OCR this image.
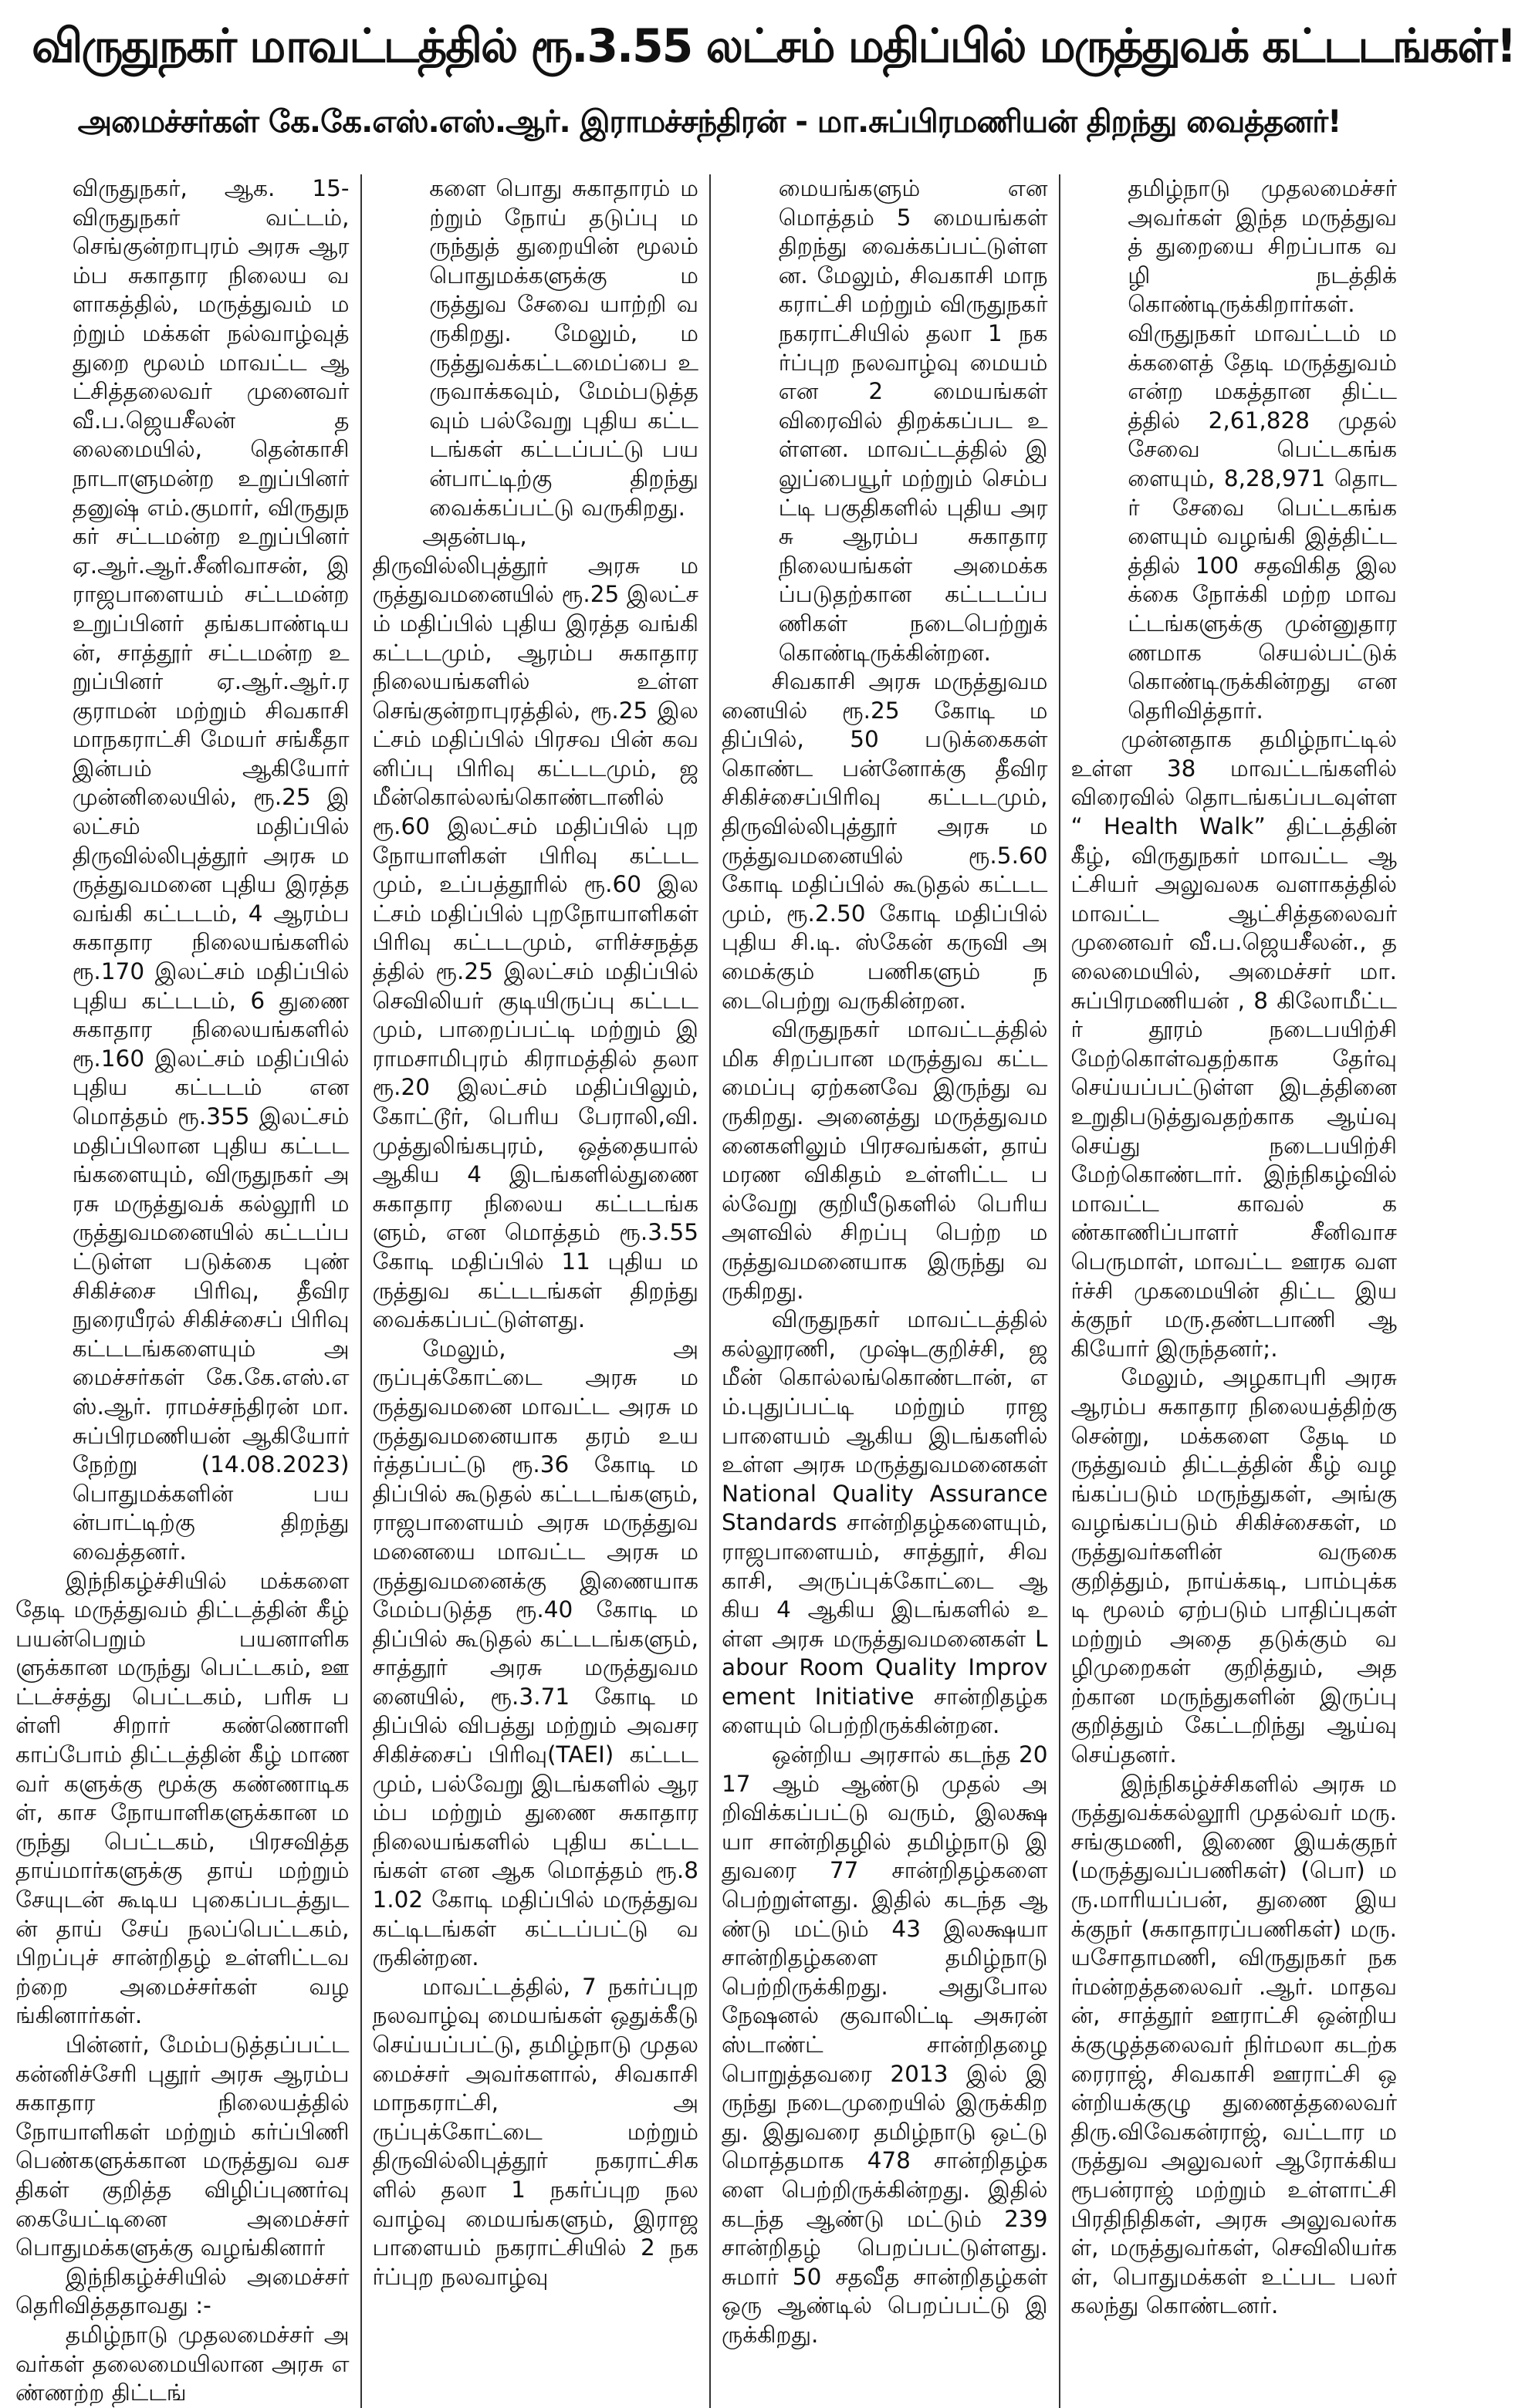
விருதுநகர் மாவட்டத்தில் ரூ.3.55 லட்சம் மதிப்பில் மருத்துவக் கட்டடங்கள்!
அமைச்சர்கள் கே.கே.எஸ்.எஸ்.ஆர். இராமச்சந்திரன் - மா.சுப்பிரமணியன் திறந்து வைத்தனர்!

விருதுநகர், ஆக. 15- விருதுநகர் வட்டம், செங்குன்றாபுரம் அரசு ஆரம்ப சுகாதார நிலைய வளாகத்தில், மருத்துவம் மற்றும் மக்கள் நல்வாழ்வுத் துறை மூலம் மாவட்ட ஆட்சித்தலைவர் முனைவர் வீ.ப.ஜெயசீலன் தலைமையில், தென்காசி நாடாளுமன்ற உறுப்பினர் தனுஷ் எம்.குமார், விருதுநகர் சட்டமன்ற உறுப்பினர் ஏ.ஆர்.ஆர்.சீனிவாசன், இராஜபாளையம் சட்டமன்ற உறுப்பினர் தங்கபாண்டியன், சாத்தூர் சட்டமன்ற உறுப்பினர் ஏ.ஆர்.ஆர்.ரகுராமன் மற்றும் சிவகாசி மாநகராட்சி மேயர் சங்கீதா இன்பம் ஆகியோர் முன்னிலையில், ரூ.25 இலட்சம் மதிப்பில் திருவில்லிபுத்தூர் அரசு மருத்துவமனை புதிய இரத்த வங்கி கட்டடம், 4 ஆரம்ப சுகாதார நிலையங்களில் ரூ.170 இலட்சம் மதிப்பில் புதிய கட்டடம், 6 துணை சுகாதார நிலையங்களில் ரூ.160 இலட்சம் மதிப்பில் புதிய கட்டடம் என மொத்தம் ரூ.355 இலட்சம் மதிப்பிலான புதிய கட்டடங்களையும், விருதுநகர் அரசு மருத்துவக் கல்லூரி மருத்துவமனையில் கட்டப்பட்டுள்ள படுக்கை புண் சிகிச்சை பிரிவு, தீவிர நுரையீரல் சிகிச்சைப் பிரிவு கட்டடங்களையும் அமைச்சர்கள் கே.கே.எஸ்.எஸ்.ஆர். ராமச்சந்திரன் மா.சுப்பிரமணியன் ஆகியோர் நேற்று (14.08.2023) பொதுமக்களின் பயன்பாட்டிற்கு திறந்து வைத்தனர்.

இந்நிகழ்ச்சியில் மக்களை தேடி மருத்துவம் திட்டத்தின் கீழ் பயன்பெறும் பயனாளிகளுக்கான மருந்து பெட்டகம், ஊட்டச்சத்து பெட்டகம், பரிசு பள்ளி சிறார் கண்ணொளி காப்போம் திட்டத்தின் கீழ் மாணவர் களுக்கு மூக்கு கண்ணாடிகள், காச நோயாளிகளுக்கான மருந்து பெட்டகம், பிரசவித்த தாய்மார்களுக்கு தாய் மற்றும் சேயுடன் கூடிய புகைப்படத்துடன் தாய் சேய் நலப்பெட்டகம், பிறப்புச் சான்றிதழ் உள்ளிட்டவற்றை அமைச்சர்கள் வழங்கினார்கள்.

பின்னர், மேம்படுத்தப்பட்ட கன்னிச்சேரி புதூர் அரசு ஆரம்ப சுகாதார நிலையத்தில் நோயாளிகள் மற்றும் கர்ப்பிணி பெண்களுக்கான மருத்துவ வசதிகள் குறித்த விழிப்புணர்வு கையேட்டினை அமைச்சர் பொதுமக்களுக்கு வழங்கினார்

இந்நிகழ்ச்சியில் அமைச்சர் தெரிவித்ததாவது :-

தமிழ்நாடு முதலமைச்சர் அவர்கள் தலைமையிலான அரசு எண்ணற்ற திட்டங்

களை பொது சுகாதாரம் மற்றும் நோய் தடுப்பு மருந்துத் துறையின் மூலம் பொதுமக்களுக்கு மருத்துவ சேவை யாற்றி வருகிறது. மேலும், மருத்துவக்கட்டமைப்பை உருவாக்கவும், மேம்படுத்தவும் பல்வேறு புதிய கட்டடங்கள் கட்டப்பட்டு பயன்பாட்டிற்கு திறந்து வைக்கப்பட்டு வருகிறது.

அதன்படி, திருவில்லிபுத்தூர் அரசு மருத்துவமனையில் ரூ.25 இலட்சம் மதிப்பில் புதிய இரத்த வங்கி கட்டடமும், ஆரம்ப சுகாதார நிலையங்களில் உள்ள செங்குன்றாபுரத்தில், ரூ.25 இலட்சம் மதிப்பில் பிரசவ பின் கவனிப்பு பிரிவு கட்டடமும், ஜமீன்கொல்லங்கொண்டானில் ரூ.60 இலட்சம் மதிப்பில் புறநோயாளிகள் பிரிவு கட்டடமும், உப்பத்தூரில் ரூ.60 இலட்சம் மதிப்பில் புறநோயாளிகள் பிரிவு கட்டடமும், எரிச்சநத்தத்தில் ரூ.25 இலட்சம் மதிப்பில் செவிலியர் குடியிருப்பு கட்டடமும், பாறைப்பட்டி மற்றும் இராமசாமிபுரம் கிராமத்தில் தலா ரூ.20 இலட்சம் மதிப்பிலும், கோட்டூர், பெரிய பேராலி,வி.முத்துலிங்கபுரம், ஒத்தையால் ஆகிய 4 இடங்களில்துணை சுகாதார நிலைய கட்டடங்களும், என மொத்தம் ரூ.3.55 கோடி மதிப்பில் 11 புதிய மருத்துவ கட்டடங்கள் திறந்து வைக்கப்பட்டுள்ளது.

மேலும், அருப்புக்கோட்டை அரசு மருத்துவமனை மாவட்ட அரசு மருத்துவமனையாக தரம் உயர்த்தப்பட்டு ரூ.36 கோடி மதிப்பில் கூடுதல் கட்டடங்களும், ராஜபாளையம் அரசு மருத்துவமனையை மாவட்ட அரசு மருத்துவமனைக்கு இணையாக மேம்படுத்த ரூ.40 கோடி மதிப்பில் கூடுதல் கட்டடங்களும், சாத்தூர் அரசு மருத்துவமனையில், ரூ.3.71 கோடி மதிப்பில் விபத்து மற்றும் அவசர சிகிச்சைப் பிரிவு(TAEI) கட்டடமும், பல்வேறு இடங்களில் ஆரம்ப மற்றும் துணை சுகாதார நிலையங்களில் புதிய கட்டடங்கள் என ஆக மொத்தம் ரூ.81.02 கோடி மதிப்பில் மருத்துவ கட்டிடங்கள் கட்டப்பட்டு வருகின்றன.

மாவட்டத்தில், 7 நகர்ப்புற நலவாழ்வு மையங்கள் ஒதுக்கீடு செய்யப்பட்டு, தமிழ்நாடு முதலமைச்சர் அவர்களால், சிவகாசி மாநகராட்சி, அருப்புக்கோட்டை மற்றும் திருவில்லிபுத்தூர் நகராட்சிகளில் தலா 1 நகர்ப்புற நலவாழ்வு மையங்களும், இராஜபாளையம் நகராட்சியில் 2 நகர்ப்புற நலவாழ்வு

மையங்களும் என மொத்தம் 5 மையங்கள் திறந்து வைக்கப்பட்டுள்ளன. மேலும், சிவகாசி மாநகராட்சி மற்றும் விருதுநகர் நகராட்சியில் தலா 1 நகர்ப்புற நலவாழ்வு மையம் என 2 மையங்கள் விரைவில் திறக்கப்பட உள்ளன. மாவட்டத்தில் இலுப்பையூர் மற்றும் செம்பட்டி பகுதிகளில் புதிய அரசு ஆரம்ப சுகாதார நிலையங்கள் அமைக்கப்படுதற்கான கட்டடப்பணிகள் நடைபெற்றுக் கொண்டிருக்கின்றன.

சிவகாசி அரசு மருத்துவமனையில் ரூ.25 கோடி மதிப்பில், 50 படுக்கைகள் கொண்ட பன்னோக்கு தீவிர சிகிச்சைப்பிரிவு கட்டடமும், திருவில்லிபுத்தூர் அரசு மருத்துவமனையில் ரூ.5.60 கோடி மதிப்பில் கூடுதல் கட்டடமும், ரூ.2.50 கோடி மதிப்பில் புதிய சி.டி. ஸ்கேன் கருவி அமைக்கும் பணிகளும் நடைபெற்று வருகின்றன.

விருதுநகர் மாவட்டத்தில் மிக சிறப்பான மருத்துவ கட்டமைப்பு ஏற்கனவே இருந்து வருகிறது. அனைத்து மருத்துவமனைகளிலும் பிரசவங்கள், தாய் மரண விகிதம் உள்ளிட்ட பல்வேறு குறியீடுகளில் பெரிய அளவில் சிறப்பு பெற்ற மருத்துவமனையாக இருந்து வருகிறது.

விருதுநகர் மாவட்டத்தில் கல்லூரணி, முஷ்டகுறிச்சி, ஜமீன் கொல்லங்கொண்டான், எம்.புதுப்பட்டி மற்றும் ராஜபாளையம் ஆகிய இடங்களில் உள்ள அரசு மருத்துவமனைகள் National Quality Assurance Standards சான்றிதழ்களையும், ராஜபாளையம், சாத்தூர், சிவகாசி, அருப்புக்கோட்டை ஆகிய 4 ஆகிய இடங்களில் உள்ள அரசு மருத்துவமனைகள் Labour Room Quality Improvement Initiative சான்றிதழ்களையும் பெற்றிருக்கின்றன.

ஒன்றிய அரசால் கடந்த 2017 ஆம் ஆண்டு முதல் அறிவிக்கப்பட்டு வரும், இலக்ஷயா சான்றிதழில் தமிழ்நாடு இதுவரை 77 சான்றிதழ்களை பெற்றுள்ளது. இதில் கடந்த ஆண்டு மட்டும் 43 இலக்ஷயா சான்றிதழ்களை தமிழ்நாடு பெற்றிருக்கிறது. அதுபோல நேஷனல் குவாலிட்டி அசுரன் ஸ்டாண்ட் சான்றிதழை பொறுத்தவரை 2013 இல் இருந்து நடைமுறையில் இருக்கிறது. இதுவரை தமிழ்நாடு ஒட்டு மொத்தமாக 478 சான்றிதழ்களை பெற்றிருக்கின்றது. இதில் கடந்த ஆண்டு மட்டும் 239 சான்றிதழ் பெறப்பட்டுள்ளது. சுமார் 50 சதவீத சான்றிதழ்கள் ஒரு ஆண்டில் பெறப்பட்டு இருக்கிறது.

தமிழ்நாடு முதலமைச்சர் அவர்கள் இந்த மருத்துவத் துறையை சிறப்பாக வழி நடத்திக் கொண்டிருக்கிறார்கள். விருதுநகர் மாவட்டம் மக்களைத் தேடி மருத்துவம் என்ற மகத்தான திட்டத்தில் 2,61,828 முதல் சேவை பெட்டகங்களையும், 8,28,971 தொடர் சேவை பெட்டகங்களையும் வழங்கி இத்திட்டத்தில் 100 சதவிகித இலக்கை நோக்கி மற்ற மாவட்டங்களுக்கு முன்னுதாரணமாக செயல்பட்டுக் கொண்டிருக்கின்றது என தெரிவித்தார்.

முன்னதாக தமிழ்நாட்டில் உள்ள 38 மாவட்டங்களில் விரைவில் தொடங்கப்படவுள்ள “ Health Walk” திட்டத்தின் கீழ், விருதுநகர் மாவட்ட ஆட்சியர் அலுவலக வளாகத்தில் மாவட்ட ஆட்சித்தலைவர் முனைவர் வீ.ப.ஜெயசீலன்., தலைமையில், அமைச்சர் மா.சுப்பிரமணியன் , 8 கிலோமீட்டர் தூரம் நடைபயிற்சி மேற்கொள்வதற்காக தேர்வு செய்யப்பட்டுள்ள இடத்தினை உறுதிபடுத்துவதற்காக ஆய்வு செய்து நடைபயிற்சி மேற்கொண்டார். இந்நிகழ்வில் மாவட்ட காவல் கண்காணிப்பாளர் சீனிவாச பெருமாள், மாவட்ட ஊரக வளர்ச்சி முகமையின் திட்ட இயக்குநர் மரு.தண்டபாணி ஆகியோர் இருந்தனர்;.

மேலும், அழகாபுரி அரசு ஆரம்ப சுகாதார நிலையத்திற்கு சென்று, மக்களை தேடி மருத்துவம் திட்டத்தின் கீழ் வழங்கப்படும் மருந்துகள், அங்கு வழங்கப்படும் சிகிச்சைகள், மருத்துவர்களின் வருகை குறித்தும், நாய்க்கடி, பாம்புக்கடி மூலம் ஏற்படும் பாதிப்புகள் மற்றும் அதை தடுக்கும் வழிமுறைகள் குறித்தும், அதற்கான மருந்துகளின் இருப்பு குறித்தும் கேட்டறிந்து ஆய்வு செய்தனர்.

இந்நிகழ்ச்சிகளில் அரசு மருத்துவக்கல்லூரி முதல்வர் மரு.சங்குமணி, இணை இயக்குநர் (மருத்துவப்பணிகள்) (பொ) மரு.மாரியப்பன், துணை இயக்குநர் (சுகாதாரப்பணிகள்) மரு. யசோதாமணி, விருதுநகர் நகர்மன்றத்தலைவர் .ஆர். மாதவன், சாத்தூர் ஊராட்சி ஒன்றியக்குழுத்தலைவர் நிர்மலா கடற்கரைராஜ், சிவகாசி ஊராட்சி ஒன்றியக்குழு துணைத்தலைவர் திரு.விவேகன்ராஜ், வட்டார மருத்துவ அலுவலர் ஆரோக்கிய ரூபன்ராஜ் மற்றும் உள்ளாட்சி பிரதிநிதிகள், அரசு அலுவலர்கள், மருத்துவர்கள், செவிலியர்கள், பொதுமக்கள் உட்பட பலர் கலந்து கொண்டனர்.
